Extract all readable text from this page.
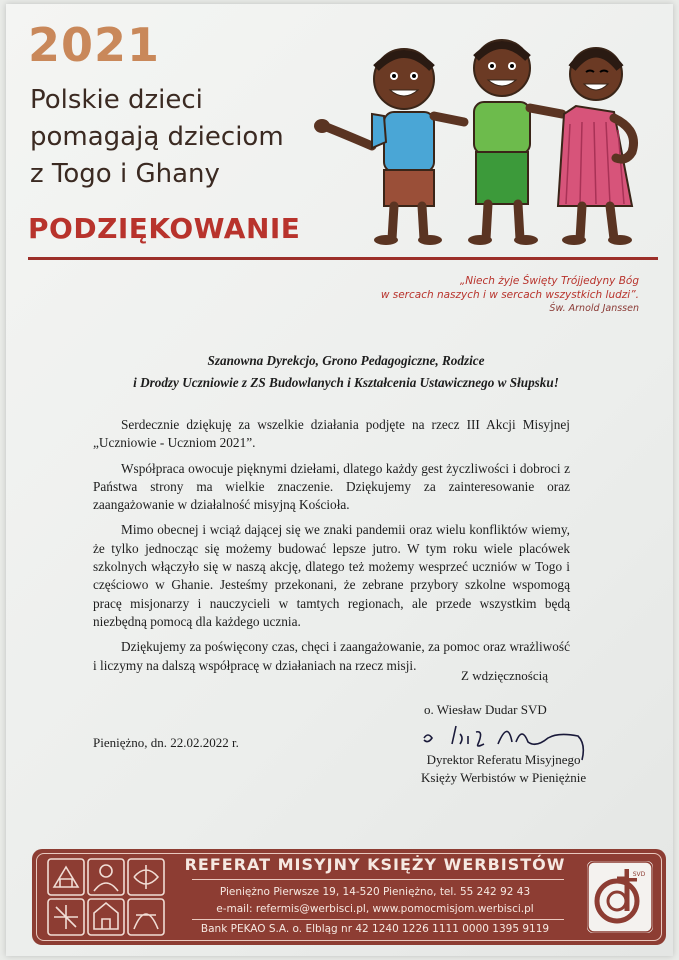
2021
Polskie dzieci
pomagają dzieciom
z Togo i Ghany
PODZIĘKOWANIE
„Niech żyje Święty Trójjedyny Bóg
w sercach naszych i w sercach wszystkich ludzi”.
Św. Arnold Janssen
Szanowna Dyrekcjo, Grono Pedagogiczne, Rodzice
i Drodzy Uczniowie z ZS Budowlanych i Kształcenia Ustawicznego w Słupsku!

Serdecznie dziękuję za wszelkie działania podjęte na rzecz III Akcji Misyjnej „Uczniowie - Uczniom 2021”.

Współpraca owocuje pięknymi dziełami, dlatego każdy gest życzliwości i dobroci z Państwa strony ma wielkie znaczenie. Dziękujemy za zainteresowanie oraz zaangażowanie w działalność misyjną Kościoła.

Mimo obecnej i wciąż dającej się we znaki pandemii oraz wielu konfliktów wiemy, że tylko jednocząc się możemy budować lepsze jutro. W tym roku wiele placówek szkolnych włączyło się w naszą akcję, dlatego też możemy wesprzeć uczniów w Togo i częściowo w Ghanie. Jesteśmy przekonani, że zebrane przybory szkolne wspomogą pracę misjonarzy i nauczycieli w tamtych regionach, ale przede wszystkim będą niezbędną pomocą dla każdego ucznia.

Dziękujemy za poświęcony czas, chęci i zaangażowanie, za pomoc oraz wrażliwość i liczymy na dalszą współpracę w działaniach na rzecz misji.

Z wdzięcznością
o. Wiesław Dudar SVD
Pieniężno, dn. 22.02.2022 r.
Dyrektor Referatu Misyjnego
Księży Werbistów w Pieniężnie
REFERAT MISYJNY KSIĘŻY WERBISTÓW
Pieniężno Pierwsze 19, 14-520 Pieniężno, tel. 55 242 92 43
e-mail: refermis@werbisci.pl, www.pomocmisjom.werbisci.pl
Bank PEKAO S.A. o. Elbląg nr 42 1240 1226 1111 0000 1395 9119
SVD
